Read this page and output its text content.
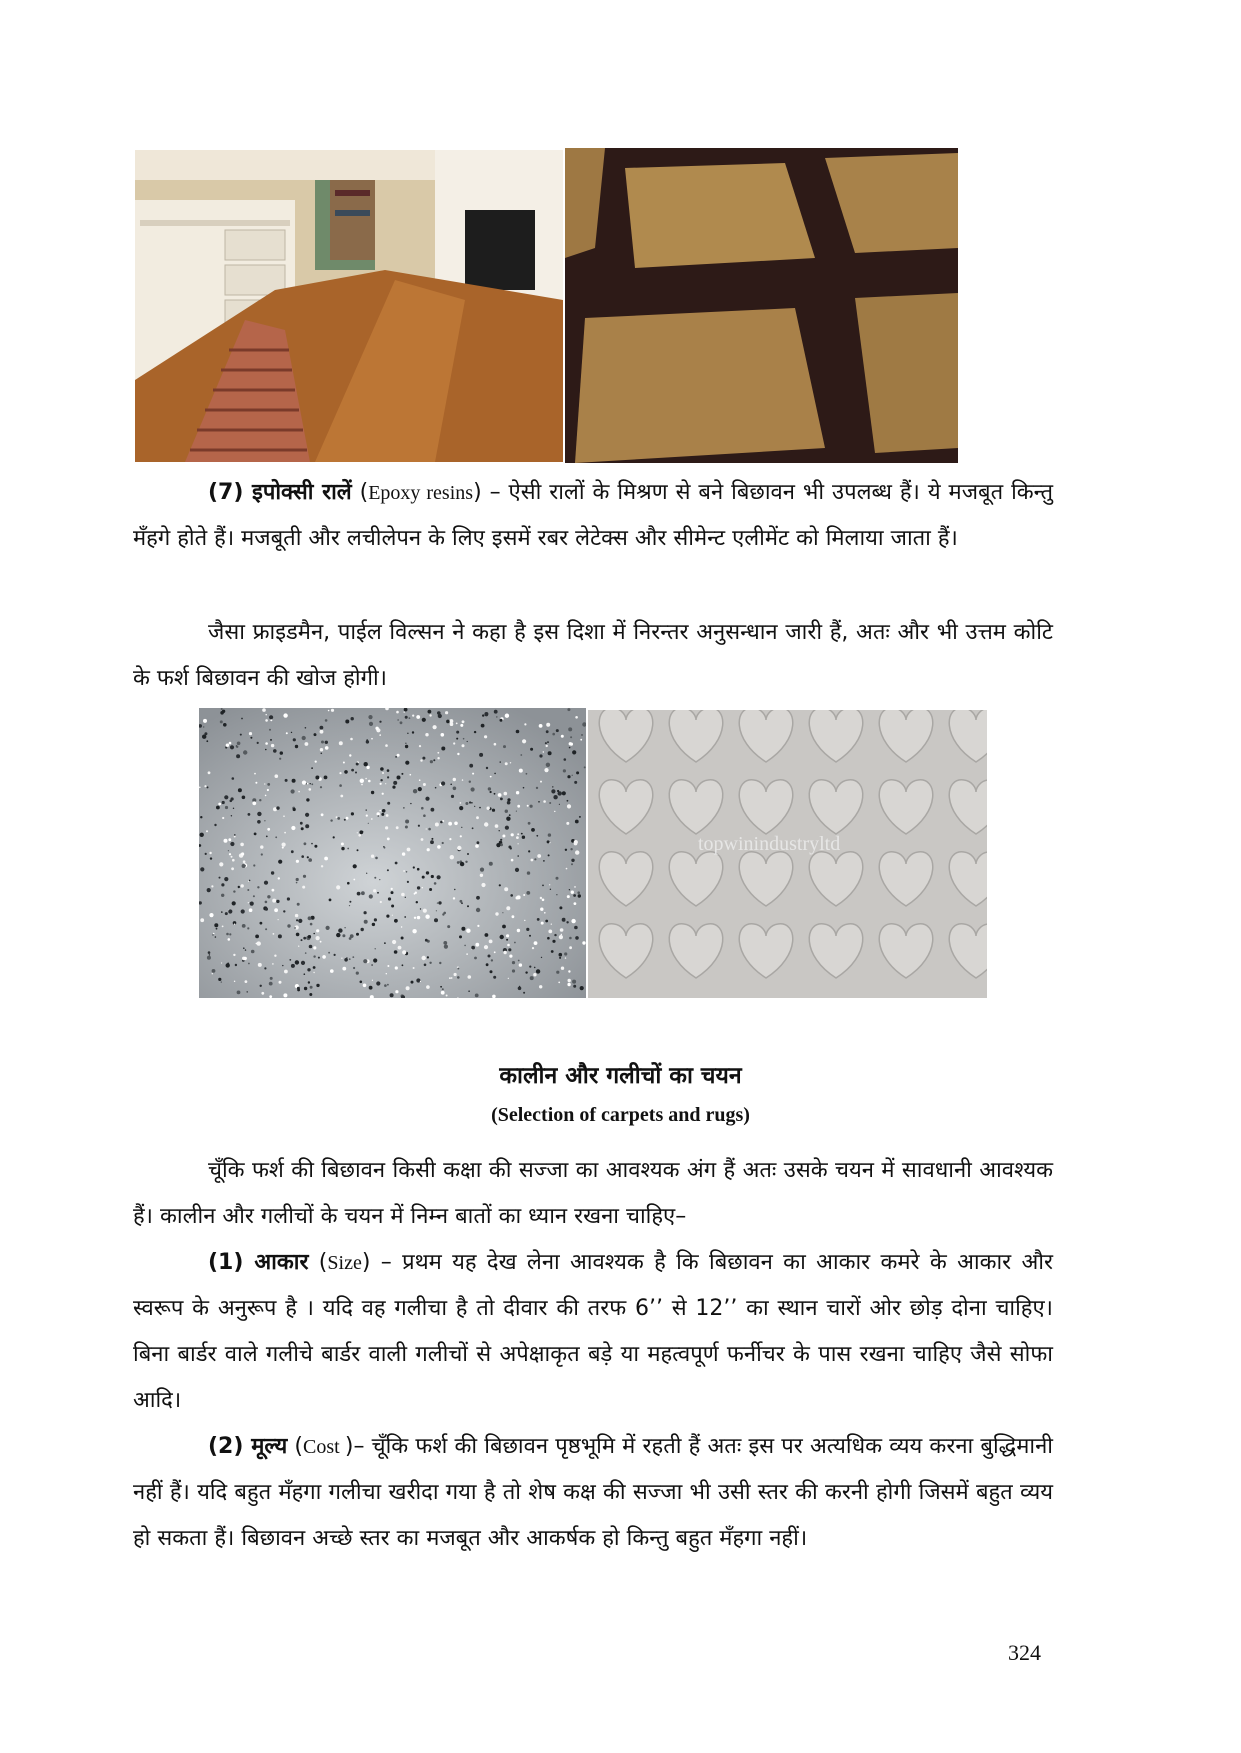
(7) इपोक्सी रालें (Epoxy resins) – ऐसी रालों के मिश्रण से बने बिछावन भी उपलब्ध हैं। ये मजबूत किन्तु मँहगे होते हैं। मजबूती और लचीलेपन के लिए इसमें रबर लेटेक्स और सीमेन्ट एलीमेंट को मिलाया जाता हैं।

जैसा फ्राइडमैन, पाईल विल्सन ने कहा है इस दिशा में निरन्तर अनुसन्धान जारी हैं, अतः और भी उत्तम कोटि के फर्श बिछावन की खोज होगी।

topwinindustryltd
कालीन और गलीचों का चयन
(Selection of carpets and rugs)

चूँकि फर्श की बिछावन किसी कक्षा की सज्जा का आवश्यक अंग हैं अतः उसके चयन में सावधानी आवश्यक हैं। कालीन और गलीचों के चयन में निम्न बातों का ध्यान रखना चाहिए–

(1) आकार (Size) – प्रथम यह देख लेना आवश्यक है कि बिछावन का आकार कमरे के आकार और स्वरूप के अनुरूप है । यदि वह गलीचा है तो दीवार की तरफ 6’’ से 12’’ का स्थान चारों ओर छोड़ दोना चाहिए। बिना बार्डर वाले गलीचे बार्डर वाली गलीचों से अपेक्षाकृत बड़े या महत्वपूर्ण फर्नीचर के पास रखना चाहिए जैसे सोफा आदि।

(2) मूल्य (Cost )– चूँकि फर्श की बिछावन पृष्ठभूमि में रहती हैं अतः इस पर अत्यधिक व्यय करना बुद्धिमानी नहीं हैं। यदि बहुत मँहगा गलीचा खरीदा गया है तो शेष कक्ष की सज्जा भी उसी स्तर की करनी होगी जिसमें बहुत व्यय हो सकता हैं। बिछावन अच्छे स्तर का मजबूत और आकर्षक हो किन्तु बहुत मँहगा नहीं।

324
